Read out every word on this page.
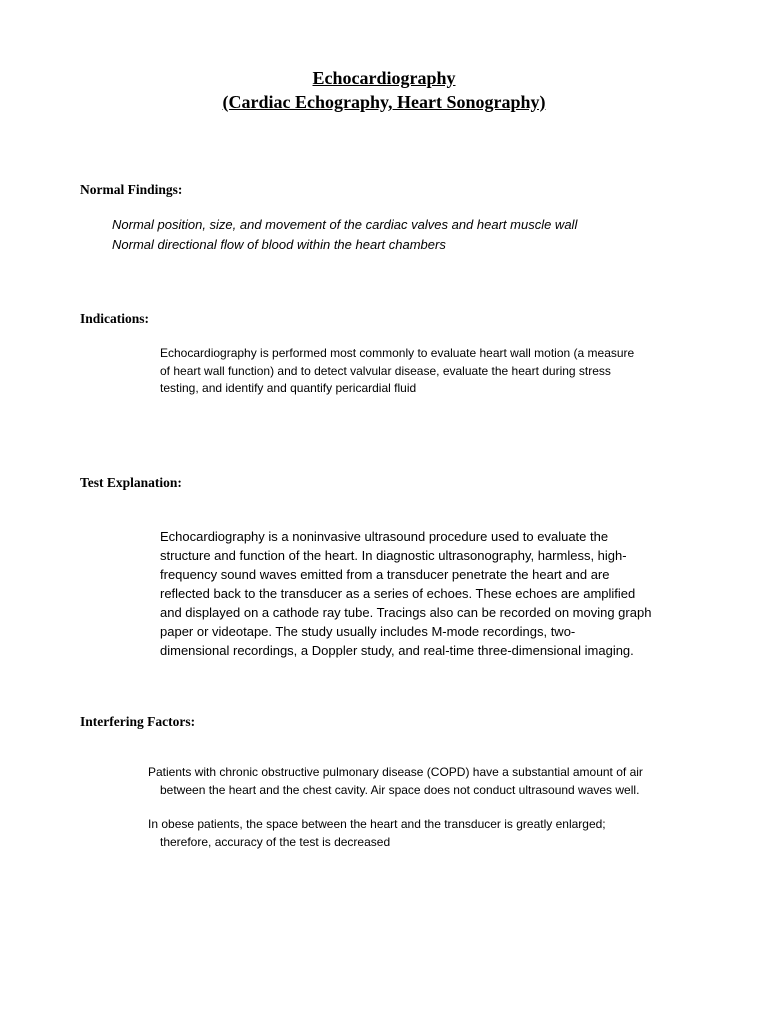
Echocardiography
(Cardiac Echography, Heart Sonography)
Normal Findings:
Normal position, size, and movement of the cardiac valves and heart muscle wall
Normal directional flow of blood within the heart chambers
Indications:

Echocardiography is performed most commonly to evaluate heart wall motion (a measure
of heart wall function) and to detect valvular disease, evaluate the heart during stress
testing, and identify and quantify pericardial fluid

Test Explanation:

Echocardiography is a noninvasive ultrasound procedure used to evaluate the
structure and function of the heart. In diagnostic ultrasonography, harmless, high-
frequency sound waves emitted from a transducer penetrate the heart and are
reflected back to the transducer as a series of echoes. These echoes are amplified
and displayed on a cathode ray tube. Tracings also can be recorded on moving graph
paper or videotape. The study usually includes M-mode recordings, two-
dimensional recordings, a Doppler study, and real-time three-dimensional imaging.

Interfering Factors:

Patients with chronic obstructive pulmonary disease (COPD) have a substantial amount of air
between the heart and the chest cavity. Air space does not conduct ultrasound waves well.

In obese patients, the space between the heart and the transducer is greatly enlarged;
therefore, accuracy of the test is decreased
